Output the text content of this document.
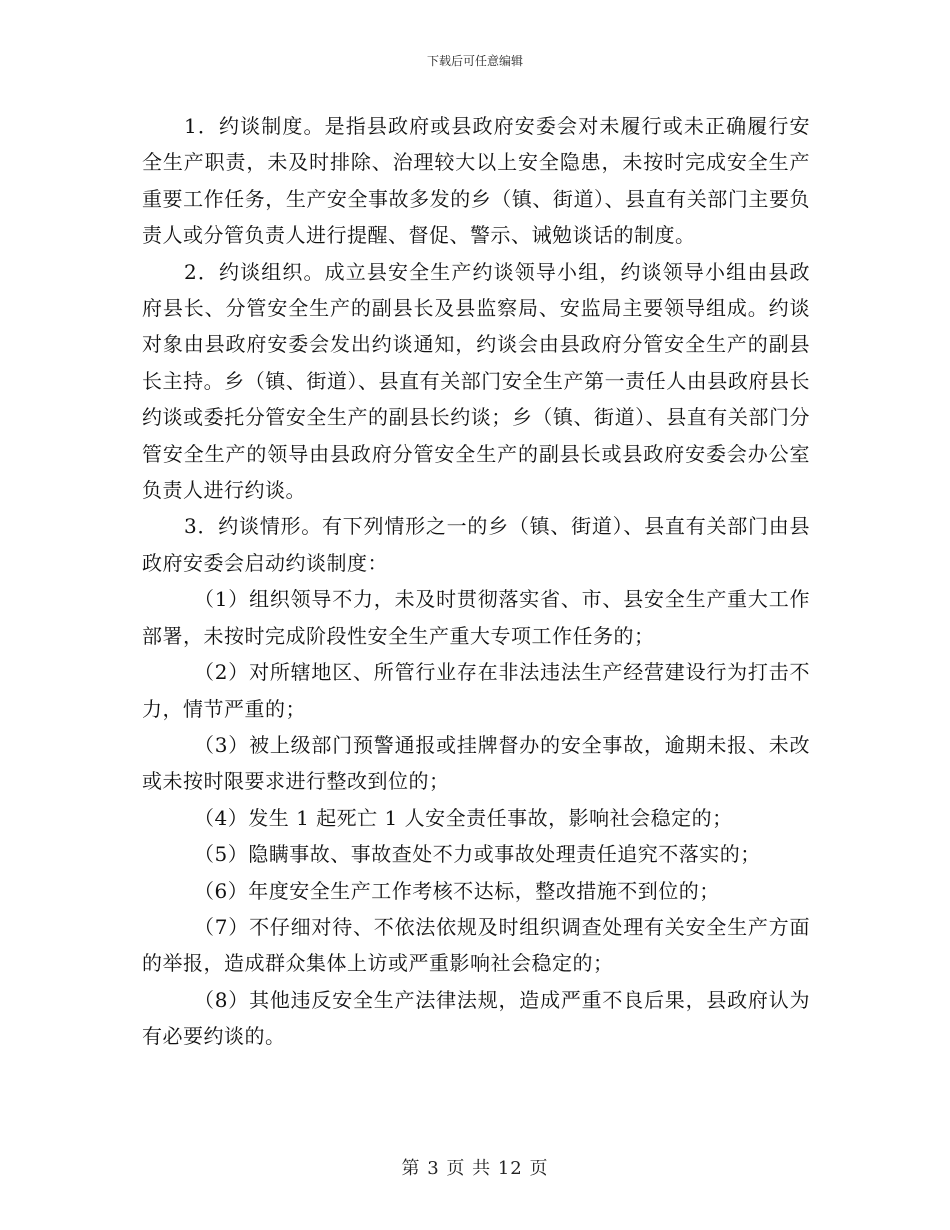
下载后可任意编辑

1．约谈制度。是指县政府或县政府安委会对未履行或未正确履行安全生产职责，未及时排除、治理较大以上安全隐患，未按时完成安全生产重要工作任务，生产安全事故多发的乡（镇、街道）、县直有关部门主要负责人或分管负责人进行提醒、督促、警示、诫勉谈话的制度。

2．约谈组织。成立县安全生产约谈领导小组，约谈领导小组由县政府县长、分管安全生产的副县长及县监察局、安监局主要领导组成。约谈对象由县政府安委会发出约谈通知，约谈会由县政府分管安全生产的副县长主持。乡（镇、街道）、县直有关部门安全生产第一责任人由县政府县长约谈或委托分管安全生产的副县长约谈；乡（镇、街道）、县直有关部门分管安全生产的领导由县政府分管安全生产的副县长或县政府安委会办公室负责人进行约谈。

3．约谈情形。有下列情形之一的乡（镇、街道）、县直有关部门由县政府安委会启动约谈制度：

（1）组织领导不力，未及时贯彻落实省、市、县安全生产重大工作部署，未按时完成阶段性安全生产重大专项工作任务的；

（2）对所辖地区、所管行业存在非法违法生产经营建设行为打击不力，情节严重的；

（3）被上级部门预警通报或挂牌督办的安全事故，逾期未报、未改或未按时限要求进行整改到位的；

（4）发生 1 起死亡 1 人安全责任事故，影响社会稳定的；

（5）隐瞒事故、事故查处不力或事故处理责任追究不落实的；

（6）年度安全生产工作考核不达标，整改措施不到位的；

（7）不仔细对待、不依法依规及时组织调查处理有关安全生产方面的举报，造成群众集体上访或严重影响社会稳定的；

（8）其他违反安全生产法律法规，造成严重不良后果，县政府认为有必要约谈的。

第 3 页 共 12 页
